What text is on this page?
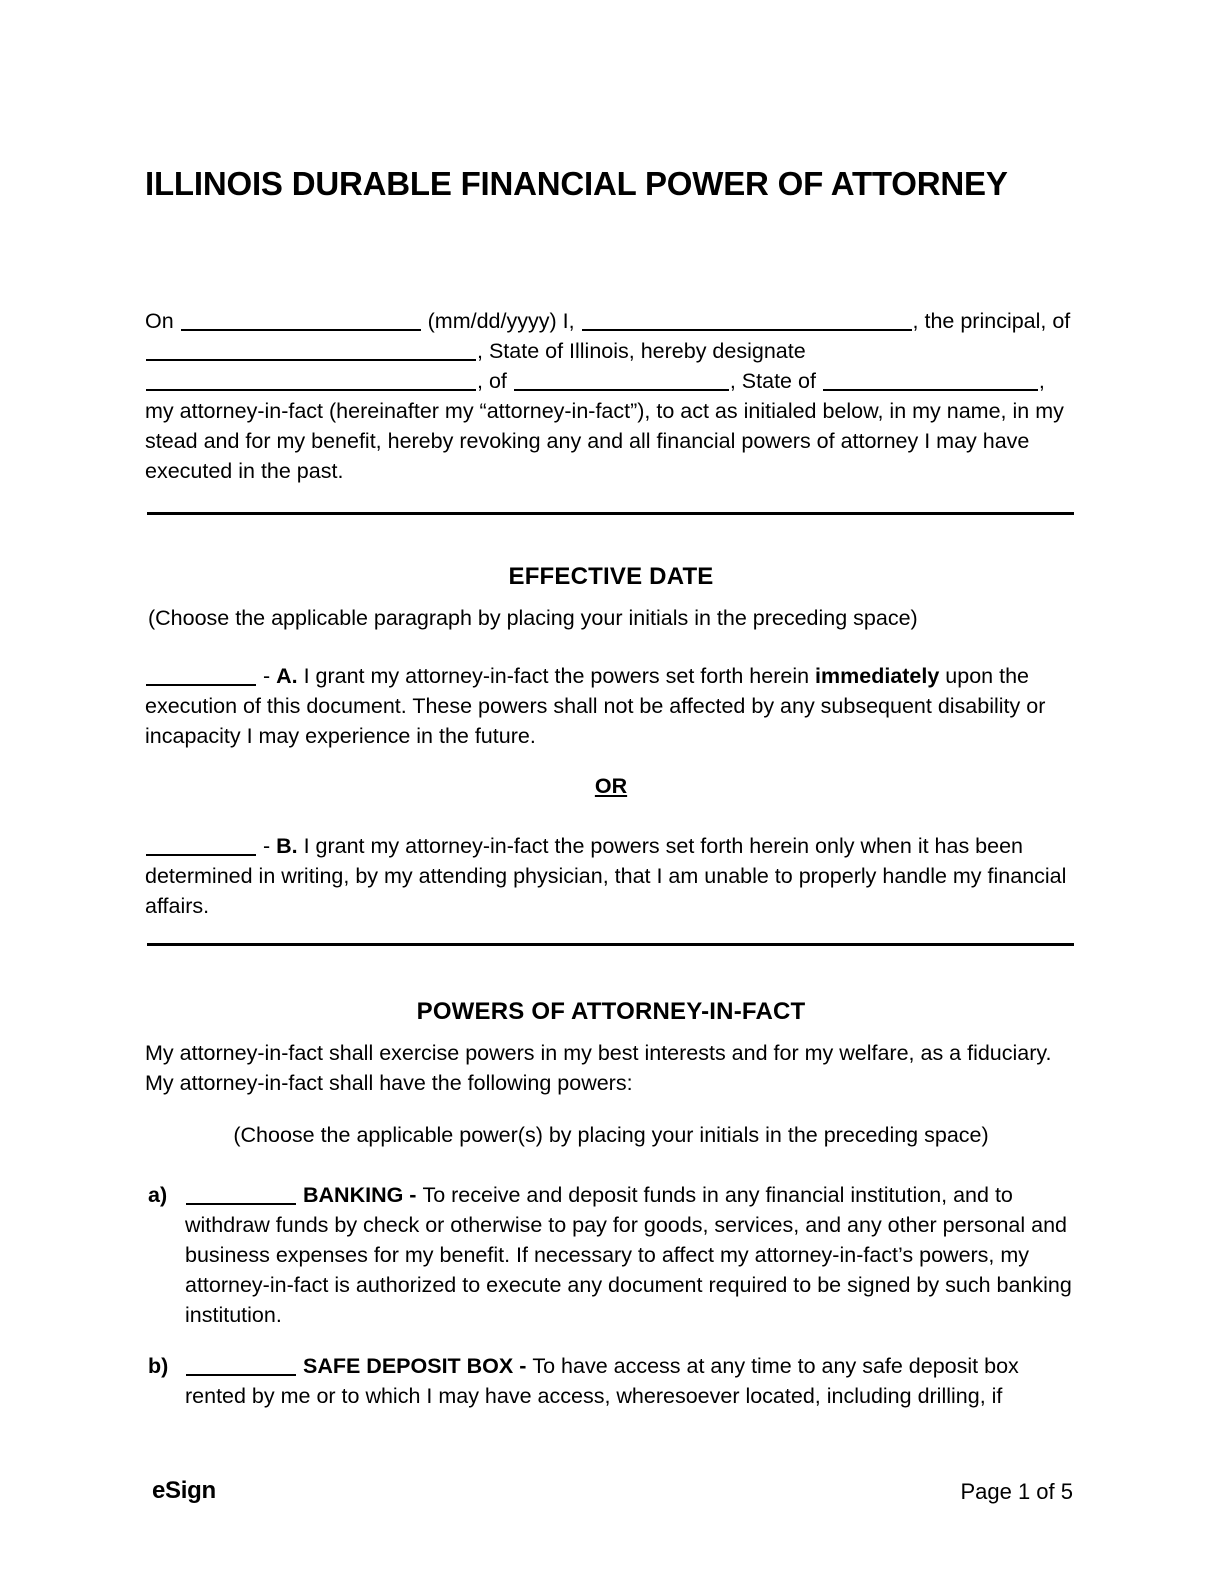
ILLINOIS DURABLE FINANCIAL POWER OF ATTORNEY
On	(mm/dd/yyyy) I,	, the principal, of , State of Illinois, hereby designate , of	, State of	, my attorney-in-fact (hereinafter my “attorney-in-fact”), to act as initialed below, in my name, in my stead and for my benefit, hereby revoking any and all financial powers of attorney I may have executed in the past.
EFFECTIVE DATE
(Choose the applicable paragraph by placing your initials in the preceding space)
- A. I grant my attorney-in-fact the powers set forth herein immediately upon the execution of this document. These powers shall not be affected by any subsequent disability or incapacity I may experience in the future.
OR
- B. I grant my attorney-in-fact the powers set forth herein only when it has been determined in writing, by my attending physician, that I am unable to properly handle my financial affairs.
POWERS OF ATTORNEY-IN-FACT
My attorney-in-fact shall exercise powers in my best interests and for my welfare, as a fiduciary. My attorney-in-fact shall have the following powers:
(Choose the applicable power(s) by placing your initials in the preceding space)
a)	BANKING - To receive and deposit funds in any financial institution, and to withdraw funds by check or otherwise to pay for goods, services, and any other personal and business expenses for my benefit. If necessary to affect my attorney-in-fact’s powers, my attorney-in-fact is authorized to execute any document required to be signed by such banking institution.
b)	SAFE DEPOSIT BOX - To have access at any time to any safe deposit box rented by me or to which I may have access, wheresoever located, including drilling, if
eSign	Page 1 of 5
